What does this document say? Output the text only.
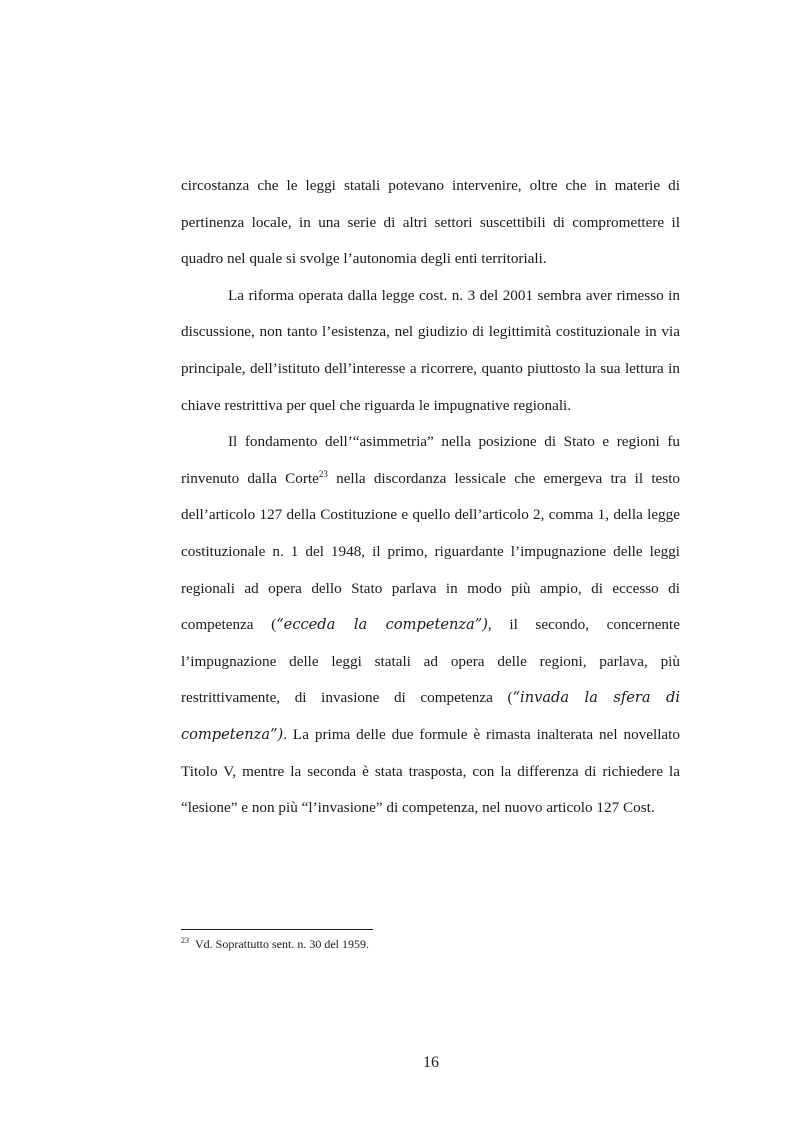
circostanza che le leggi statali potevano intervenire, oltre che in materie di pertinenza locale, in una serie di altri settori suscettibili di compromettere il quadro nel quale si svolge l’autonomia degli enti territoriali.

La riforma operata dalla legge cost. n. 3 del 2001 sembra aver rimesso in discussione, non tanto l’esistenza, nel giudizio di legittimità costituzionale in via principale, dell’istituto dell’interesse a ricorrere, quanto piuttosto la sua lettura in chiave restrittiva per quel che riguarda le impugnative regionali.

Il fondamento dell’“asimmetria” nella posizione di Stato e regioni fu rinvenuto dalla Corte$^{23}$ nella discordanza lessicale che emergeva tra il testo dell’articolo 127 della Costituzione e quello dell’articolo 2, comma 1, della legge costituzionale n. 1 del 1948, il primo, riguardante l’impugnazione delle leggi regionali ad opera dello Stato parlava in modo più ampio, di eccesso di competenza (“eccedа la competenza”), il secondo, concernente l’impugnazione delle leggi statali ad opera delle regioni, parlava, più restrittivamente, di invasione di competenza (“invada la sfera di competenza”). La prima delle due formule è rimasta inalterata nel novellato Titolo V, mentre la seconda è stata trasposta, con la differenza di richiedere la “lesione” e non più “l’invasione” di competenza, nel nuovo articolo 127 Cost.

$^{23}$ Vd. Soprattutto sent. n. 30 del 1959.
16
